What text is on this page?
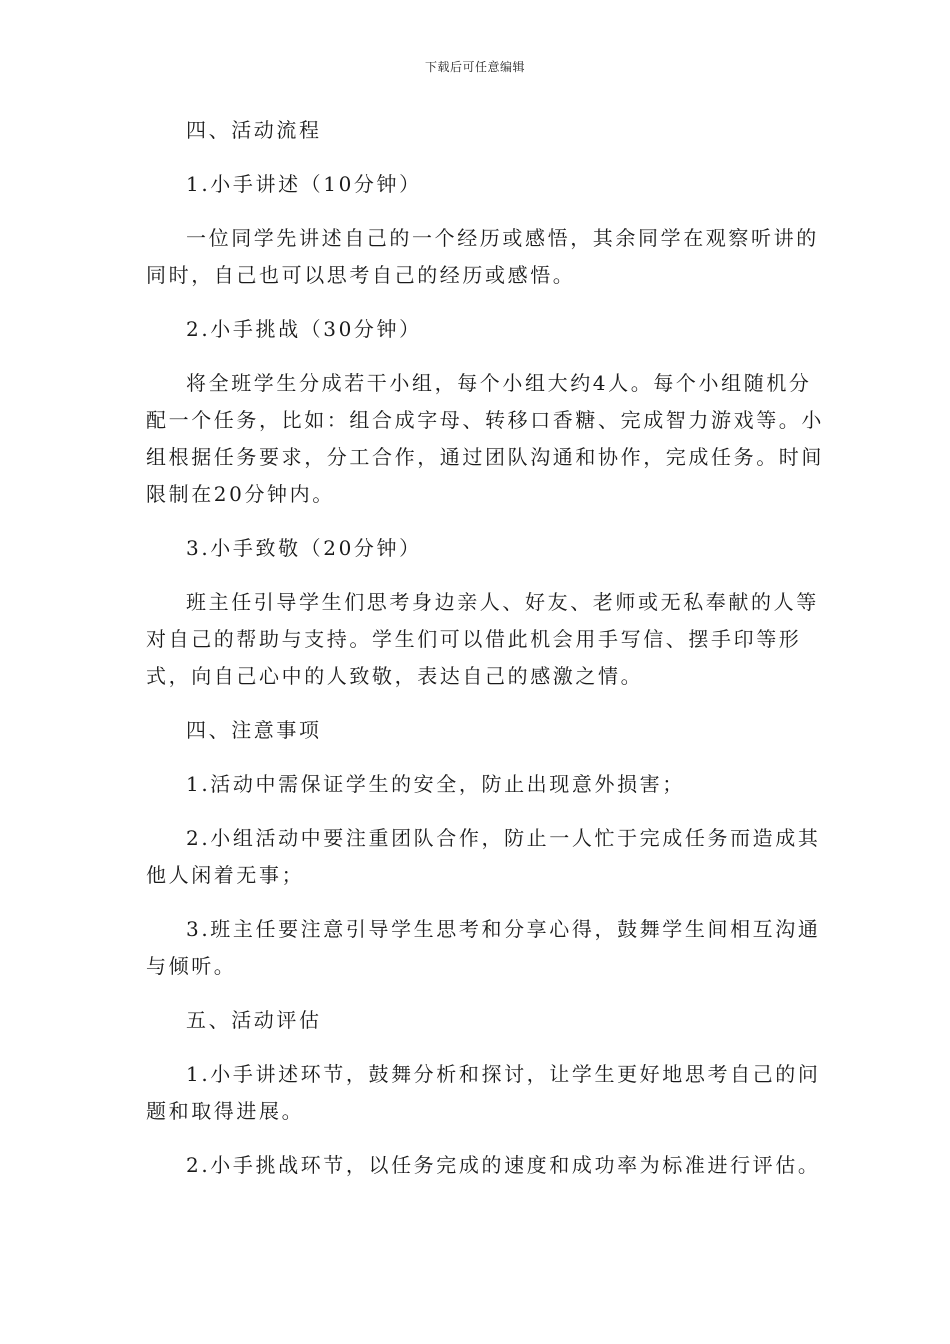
下载后可任意编辑

四、活动流程

1.小手讲述（10分钟）

一位同学先讲述自己的一个经历或感悟，其余同学在观察听讲的同时，自己也可以思考自己的经历或感悟。

2.小手挑战（30分钟）

将全班学生分成若干小组，每个小组大约4人。每个小组随机分配一个任务，比如：组合成字母、转移口香糖、完成智力游戏等。小组根据任务要求，分工合作，通过团队沟通和协作，完成任务。时间限制在20分钟内。

3.小手致敬（20分钟）

班主任引导学生们思考身边亲人、好友、老师或无私奉献的人等对自己的帮助与支持。学生们可以借此机会用手写信、摆手印等形式，向自己心中的人致敬，表达自己的感激之情。

四、注意事项

1.活动中需保证学生的安全，防止出现意外损害；

2.小组活动中要注重团队合作，防止一人忙于完成任务而造成其他人闲着无事；

3.班主任要注意引导学生思考和分享心得，鼓舞学生间相互沟通与倾听。

五、活动评估

1.小手讲述环节，鼓舞分析和探讨，让学生更好地思考自己的问题和取得进展。

2.小手挑战环节，以任务完成的速度和成功率为标准进行评估。
